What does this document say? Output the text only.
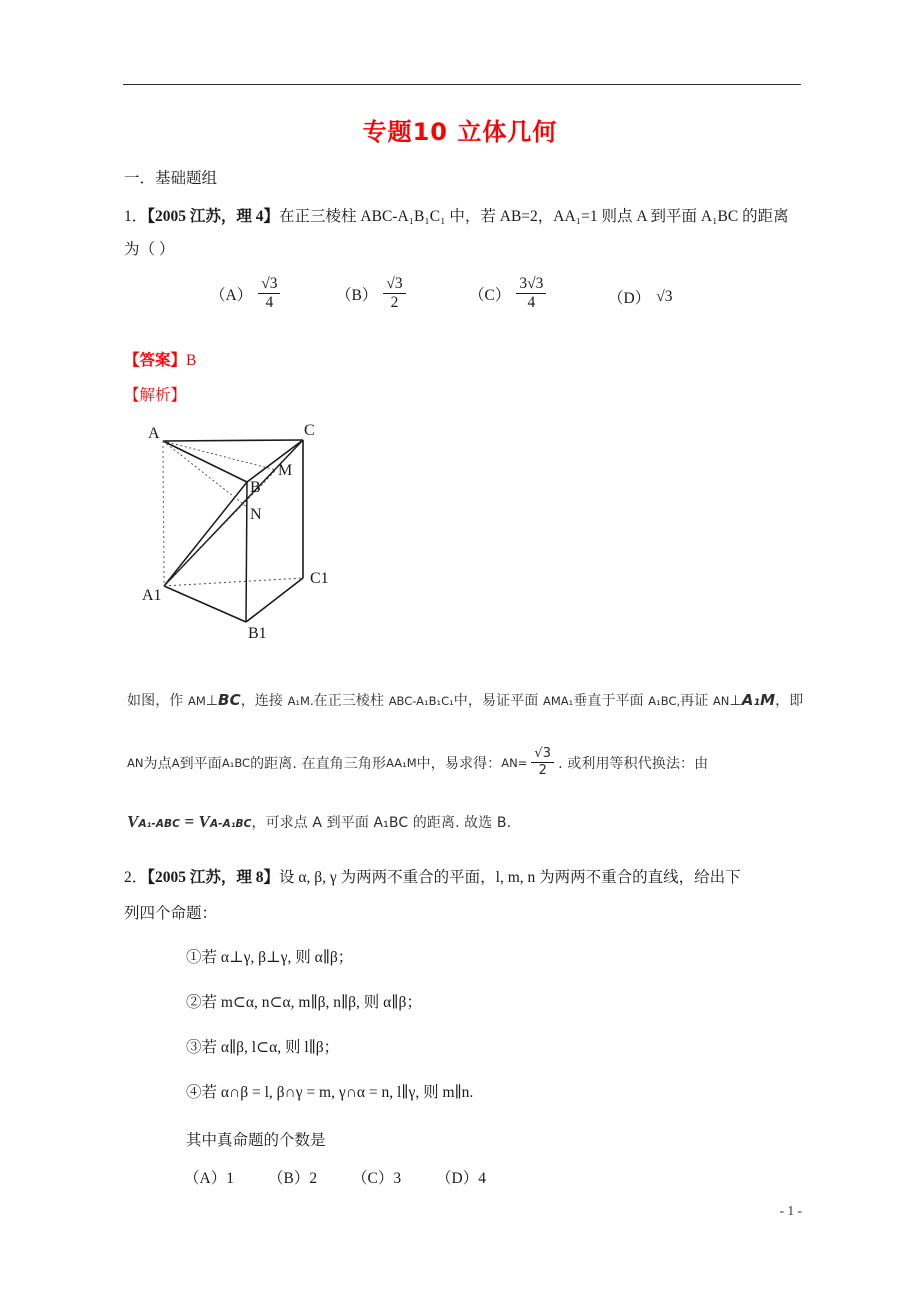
专题10 立体几何
一．基础题组
1．【2005 江苏，理 4】在正三棱柱 ABC-A₁B₁C₁ 中，若 AB=2，AA₁=1 则点 A 到平面 A₁BC 的距离
为（ ）
$(A) \frac{√3}{4}$	$(B) \frac{√3}{2}$	$(C) \frac{3√3}{4}$	（D） √3
【答案】B
【解析】
A	C
B
A1
C1
B1
M
N
如图，作 AM⊥BC，连接 A₁M.在正三棱柱 ABC-A₁B₁C₁中，易证平面 AMA₁垂直于平面 A₁BC,再证 AN⊥A₁M，即
AN 为点 A 到平面 A₁BC 的距离. 在直角三角形 AA₁M 中，易求得： $AN= \frac{√3}{2}$ . 或利用等积代换法：由
VA₁-ABC = VA-A₁BC，可求点 A 到平面 A₁BC 的距离. 故选 B.
2．【2005 江苏，理 8】设 α, β, γ 为两两不重合的平面，l, m, n 为两两不重合的直线，给出下
列四个命题：
①若 α⊥γ, β⊥γ, 则 α∥β；
②若 m⊂α, n⊂α, m∥β, n∥β, 则 α∥β；
③若 α∥β, l⊂α, 则 l∥β；
④若 α∩β = l, β∩γ = m, γ∩α = n, l∥γ, 则 m∥n.
其中真命题的个数是
（A）1 （B）2 （C）3 （D）4
- 1 -
